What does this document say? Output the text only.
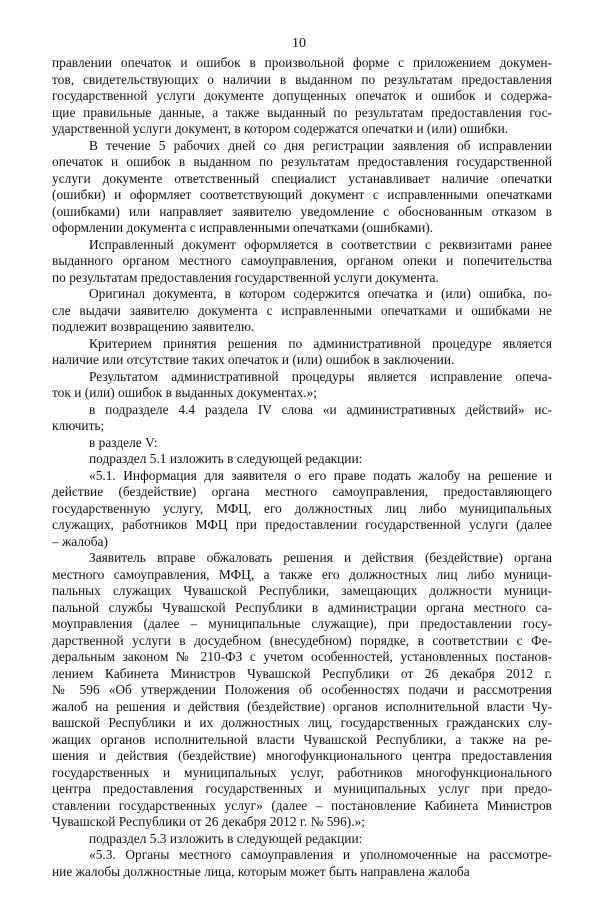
10
правлении опечаток и ошибок в произвольной форме с приложением докумен-
тов, свидетельствующих о наличии в выданном по результатам предоставления
государственной услуги документе допущенных опечаток и ошибок и содержа-
щие правильные данные, а также выданный по результатам предоставления гос-
ударственной услуги документ, в котором содержатся опечатки и (или) ошибки.
В течение 5 рабочих дней со дня регистрации заявления об исправлении
опечаток и ошибок в выданном по результатам предоставления государственной
услуги документе ответственный специалист устанавливает наличие опечатки
(ошибки) и оформляет соответствующий документ с исправленными опечатками
(ошибками) или направляет заявителю уведомление с обоснованным отказом в
оформлении документа с исправленными опечатками (ошибками).
Исправленный документ оформляется в соответствии с реквизитами ранее
выданного органом местного самоуправления, органом опеки и попечительства
по результатам предоставления государственной услуги документа.
Оригинал документа, в котором содержится опечатка и (или) ошибка, по-
сле выдачи заявителю документа с исправленными опечатками и ошибками не
подлежит возвращению заявителю.
Критерием принятия решения по административной процедуре является
наличие или отсутствие таких опечаток и (или) ошибок в заключении.
Результатом административной процедуры является исправление опеча-
ток и (или) ошибок в выданных документах.»;
в подразделе 4.4 раздела IV слова «и административных действий» ис-
ключить;
в разделе V:
подраздел 5.1 изложить в следующей редакции:
«5.1. Информация для заявителя о его праве подать жалобу на решение и
действие (бездействие) органа местного самоуправления, предоставляющего
государственную услугу, МФЦ, его должностных лиц либо муниципальных
служащих, работников МФЦ при предоставлении государственной услуги (далее
– жалоба)
Заявитель вправе обжаловать решения и действия (бездействие) органа
местного самоуправления, МФЦ, а также его должностных лиц либо муници-
пальных служащих Чувашской Республики, замещающих должности муници-
пальной службы Чувашской Республики в администрации органа местного са-
моуправления (далее – муниципальные служащие), при предоставлении госу-
дарственной услуги в досудебном (внесудебном) порядке, в соответствии с Фе-
деральным законом № 210-ФЗ с учетом особенностей, установленных постанов-
лением Кабинета Министров Чувашской Республики от 26 декабря 2012 г.
№ 596 «Об утверждении Положения об особенностях подачи и рассмотрения
жалоб на решения и действия (бездействие) органов исполнительной власти Чу-
вашской Республики и их должностных лиц, государственных гражданских слу-
жащих органов исполнительной власти Чувашской Республики, а также на ре-
шения и действия (бездействие) многофункционального центра предоставления
государственных и муниципальных услуг, работников многофункционального
центра предоставления государственных и муниципальных услуг при предо-
ставлении государственных услуг» (далее – постановление Кабинета Министров
Чувашской Республики от 26 декабря 2012 г. № 596).»;
подраздел 5.3 изложить в следующей редакции:
«5.3. Органы местного самоуправления и уполномоченные на рассмотре-
ние жалобы должностные лица, которым может быть направлена жалоба
